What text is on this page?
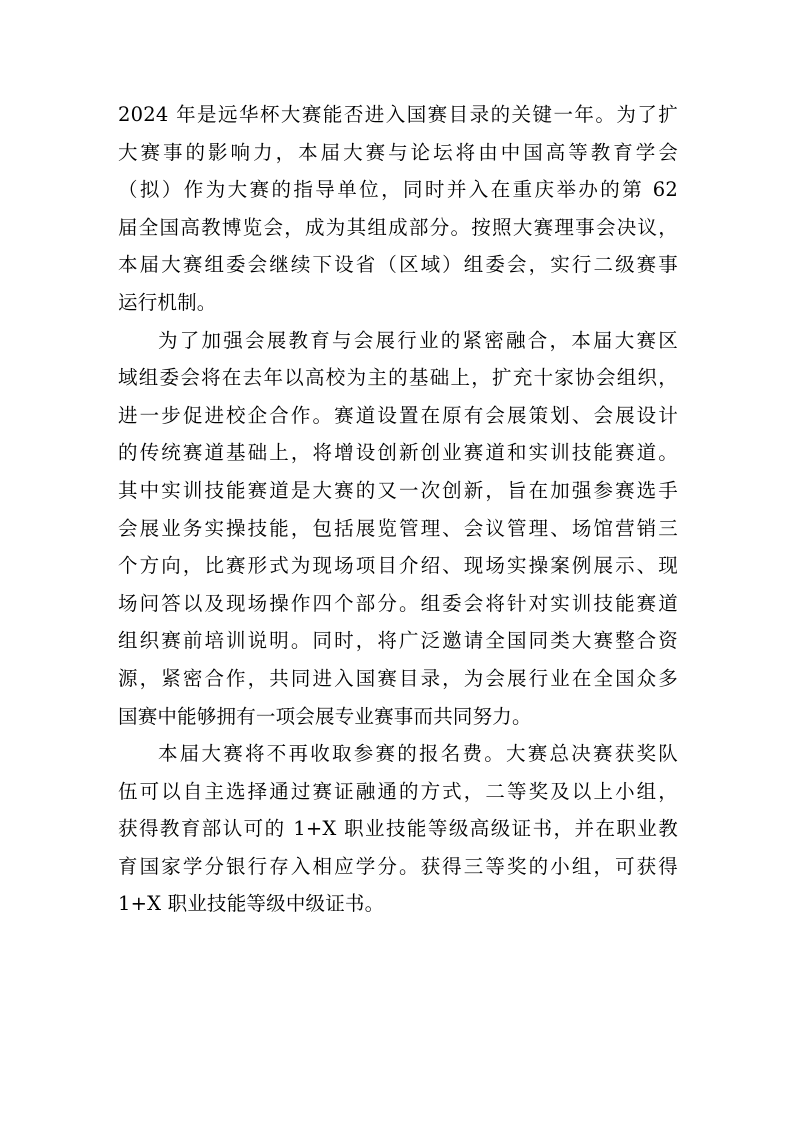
2024 年是远华杯大赛能否进入国赛目录的关键一年。为了扩
大赛事的影响力，本届大赛与论坛将由中国高等教育学会
（拟）作为大赛的指导单位，同时并入在重庆举办的第 62
届全国高教博览会，成为其组成部分。按照大赛理事会决议，
本届大赛组委会继续下设省（区域）组委会，实行二级赛事
运行机制。
为了加强会展教育与会展行业的紧密融合，本届大赛区
域组委会将在去年以高校为主的基础上，扩充十家协会组织，
进一步促进校企合作。赛道设置在原有会展策划、会展设计
的传统赛道基础上，将增设创新创业赛道和实训技能赛道。
其中实训技能赛道是大赛的又一次创新，旨在加强参赛选手
会展业务实操技能，包括展览管理、会议管理、场馆营销三
个方向，比赛形式为现场项目介绍、现场实操案例展示、现
场问答以及现场操作四个部分。组委会将针对实训技能赛道
组织赛前培训说明。同时，将广泛邀请全国同类大赛整合资
源，紧密合作，共同进入国赛目录，为会展行业在全国众多
国赛中能够拥有一项会展专业赛事而共同努力。
本届大赛将不再收取参赛的报名费。大赛总决赛获奖队
伍可以自主选择通过赛证融通的方式，二等奖及以上小组，
获得教育部认可的 1+X 职业技能等级高级证书，并在职业教
育国家学分银行存入相应学分。获得三等奖的小组，可获得
1+X 职业技能等级中级证书。
